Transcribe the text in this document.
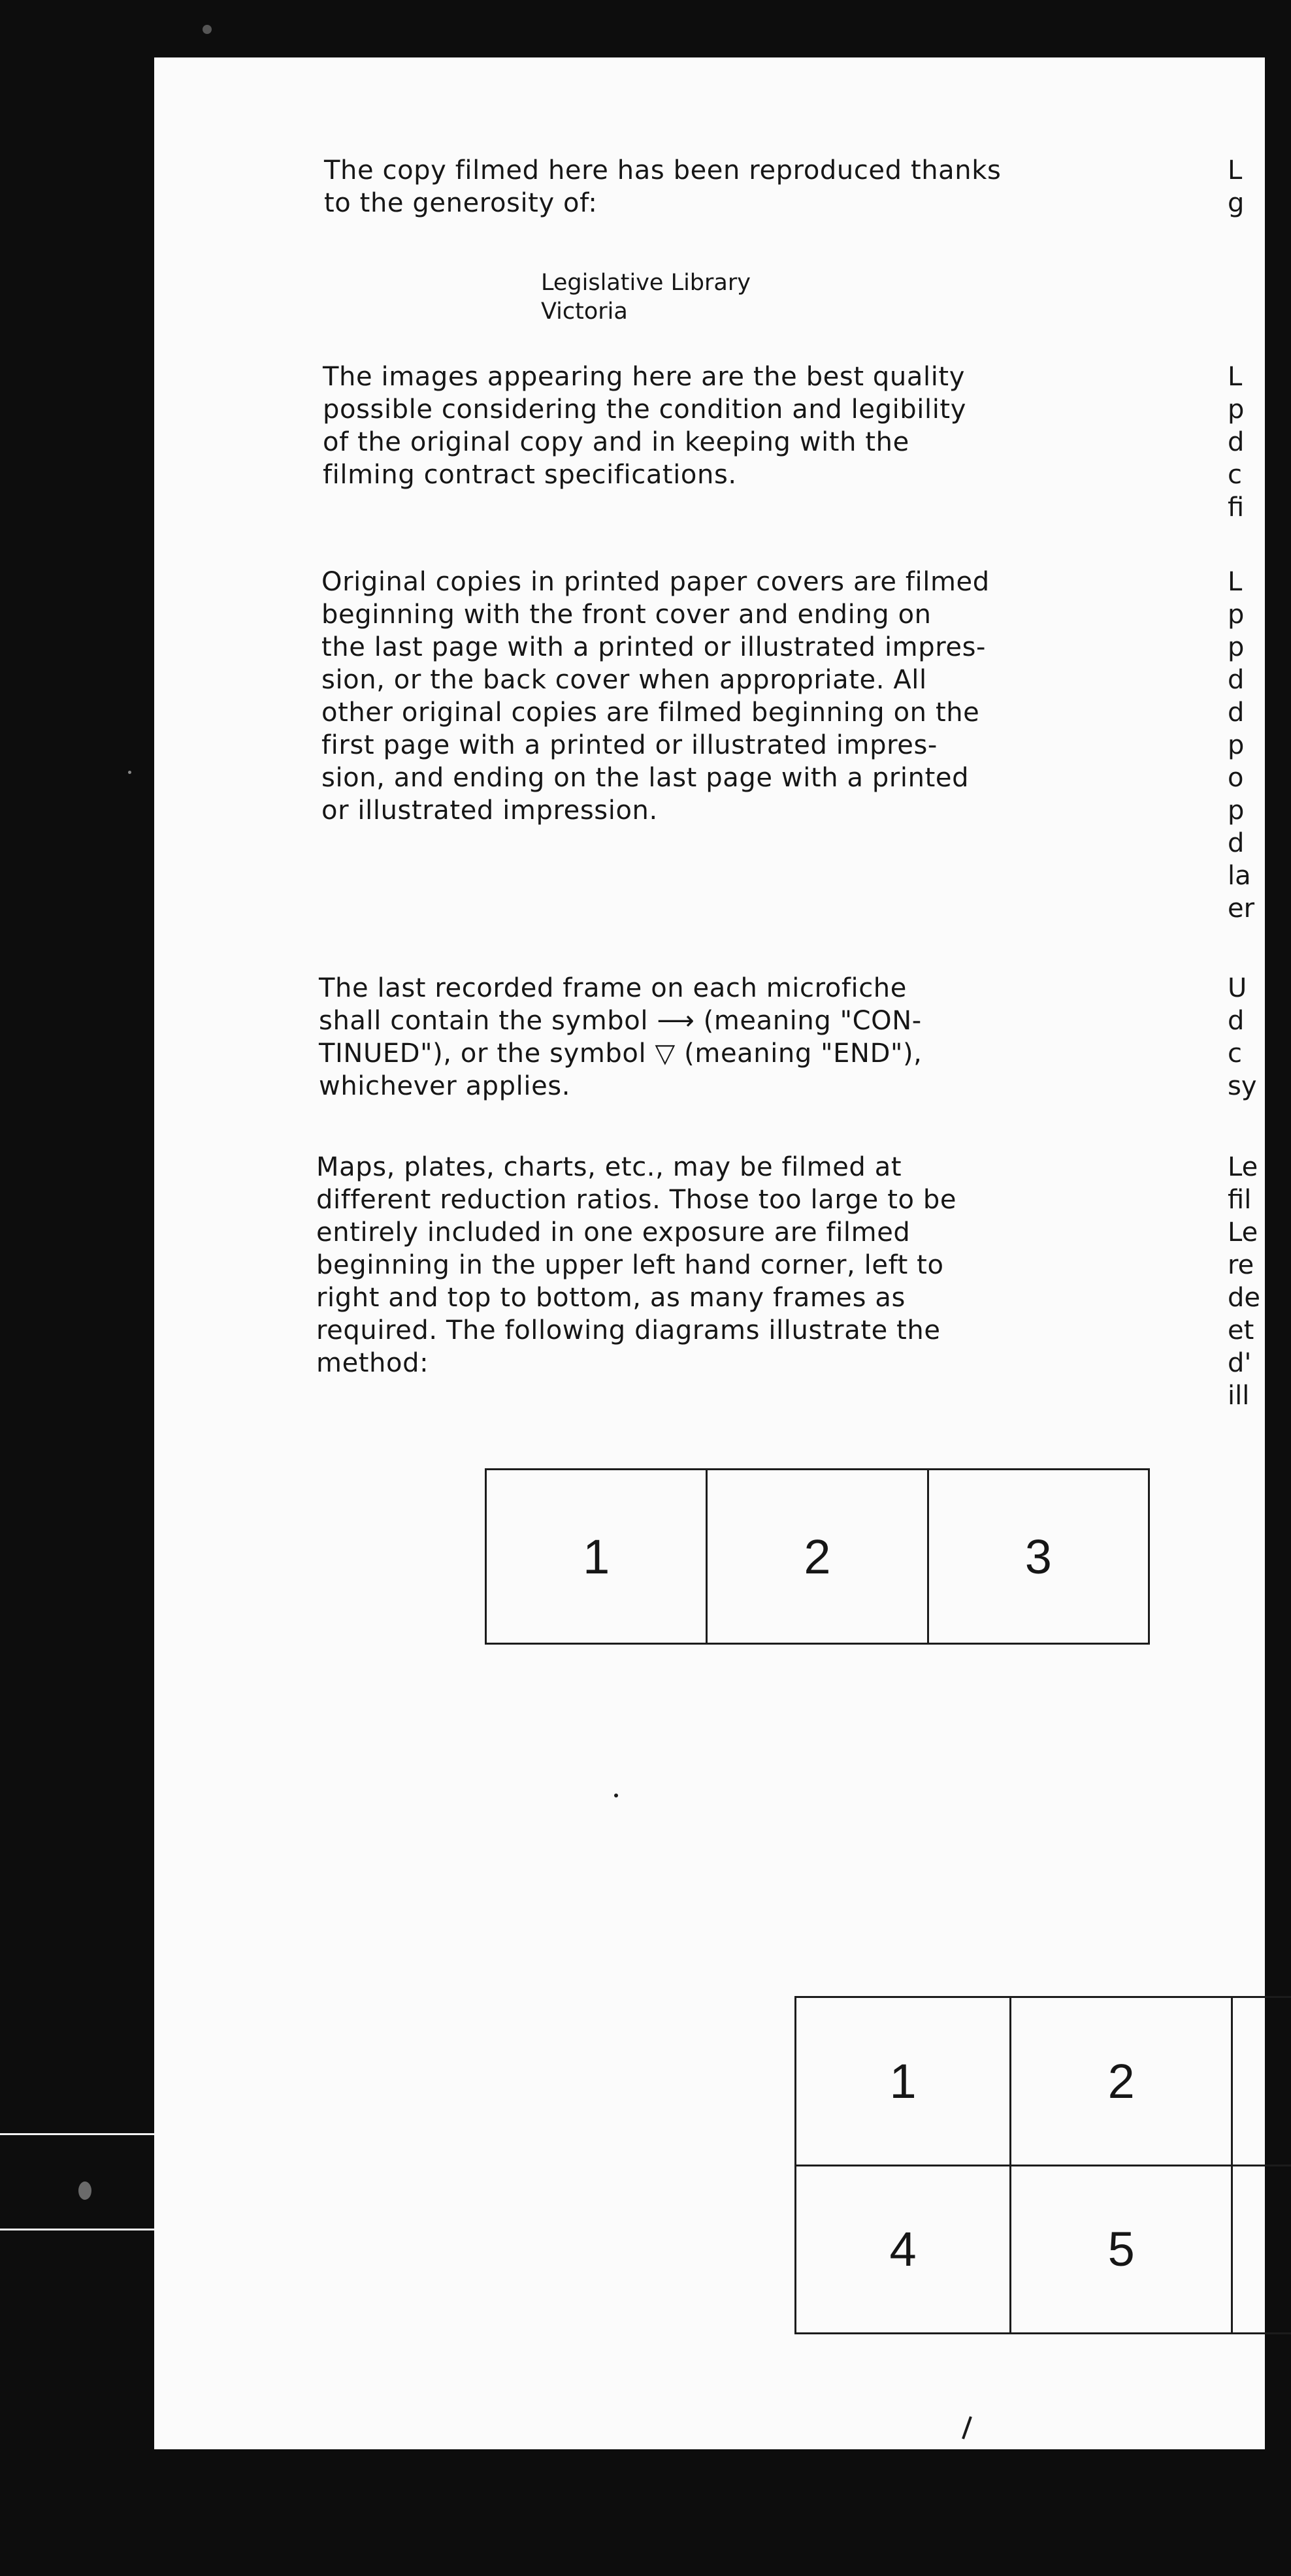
The copy filmed here has been reproduced thanks
to the generosity of:

Legislative Library

Victoria

The images appearing here are the best quality
possible considering the condition and legibility
of the original copy and in keeping with the
filming contract specifications.

Original copies in printed paper covers are filmed
beginning with the front cover and ending on
the last page with a printed or illustrated impres-
sion, or the back cover when appropriate. All
other original copies are filmed beginning on the
first page with a printed or illustrated impres-
sion, and ending on the last page with a printed
or illustrated impression.

The last recorded frame on each microfiche
shall contain the symbol ⟶ (meaning "CON-
TINUED"), or the symbol ▽ (meaning "END"),
whichever applies.

Maps, plates, charts, etc., may be filmed at
different reduction ratios. Those too large to be
entirely included in one exposure are filmed
beginning in the upper left hand corner, left to
right and top to bottom, as many frames as
required. The following diagrams illustrate the
method:

1	2	3
1	2	
4	5	

L
g

L
p
d
c
fi

L
p
p
d
d
p
o
p
d
la
er

U
d
c
sy

Le
fil
Le
re
de
et
d'
ill
